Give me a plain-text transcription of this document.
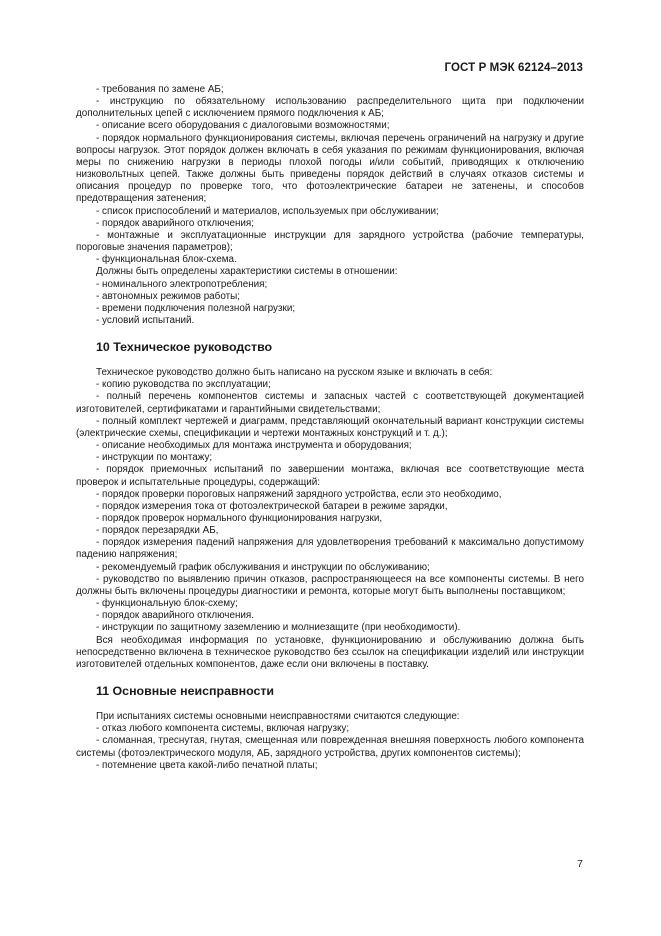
ГОСТ Р МЭК 62124–2013

- требования по замене АБ;

- инструкцию по обязательному использованию распределительного щита при подключении дополнительных цепей с исключением прямого подключения к АБ;

- описание всего оборудования с диалоговыми возможностями;

- порядок нормального функционирования системы, включая перечень ограничений на нагрузку и другие вопросы нагрузок. Этот порядок должен включать в себя указания по режимам функционирования, включая меры по снижению нагрузки в периоды плохой погоды и/или событий, приводящих к отключению низковольтных цепей. Также должны быть приведены порядок действий в случаях отказов системы и описания процедур по проверке того, что фотоэлектрические батареи не затенены, и способов предотвращения затенения;

- список приспособлений и материалов, используемых при обслуживании;

- порядок аварийного отключения;

- монтажные и эксплуатационные инструкции для зарядного устройства (рабочие температуры, пороговые значения параметров);

- функциональная блок-схема.

Должны быть определены характеристики системы в отношении:

- номинального электропотребления;

- автономных режимов работы;

- времени подключения полезной нагрузки;

- условий испытаний.

10 Техническое руководство

Техническое руководство должно быть написано на русском языке и включать в себя:

- копию руководства по эксплуатации;

- полный перечень компонентов системы и запасных частей с соответствующей документацией изготовителей, сертификатами и гарантийными свидетельствами;

- полный комплект чертежей и диаграмм, представляющий окончательный вариант конструкции системы (электрические схемы, спецификации и чертежи монтажных конструкций и т. д.);

- описание необходимых для монтажа инструмента и оборудования;

- инструкции по монтажу;

- порядок приемочных испытаний по завершении монтажа, включая все соответствующие места проверок и испытательные процедуры, содержащий:

- порядок проверки пороговых напряжений зарядного устройства, если это необходимо,

- порядок измерения тока от фотоэлектрической батареи в режиме зарядки,

- порядок проверок нормального функционирования нагрузки,

- порядок перезарядки АБ,

- порядок измерения падений напряжения для удовлетворения требований к максимально допустимому падению напряжения;

- рекомендуемый график обслуживания и инструкции по обслуживанию;

- руководство по выявлению причин отказов, распространяющееся на все компоненты системы. В него должны быть включены процедуры диагностики и ремонта, которые могут быть выполнены поставщиком;

- функциональную блок-схему;

- порядок аварийного отключения.

- инструкции по защитному заземлению и молниезащите (при необходимости).

Вся необходимая информация по установке, функционированию и обслуживанию должна быть непосредственно включена в техническое руководство без ссылок на спецификации изделий или инструкции изготовителей отдельных компонентов, даже если они включены в поставку.

11 Основные неисправности

При испытаниях системы основными неисправностями считаются следующие:

- отказ любого компонента системы, включая нагрузку;

- сломанная, треснутая, гнутая, смещенная или поврежденная внешняя поверхность любого компонента системы (фотоэлектрического модуля, АБ, зарядного устройства, других компонентов системы);

- потемнение цвета какой-либо печатной платы;

7
